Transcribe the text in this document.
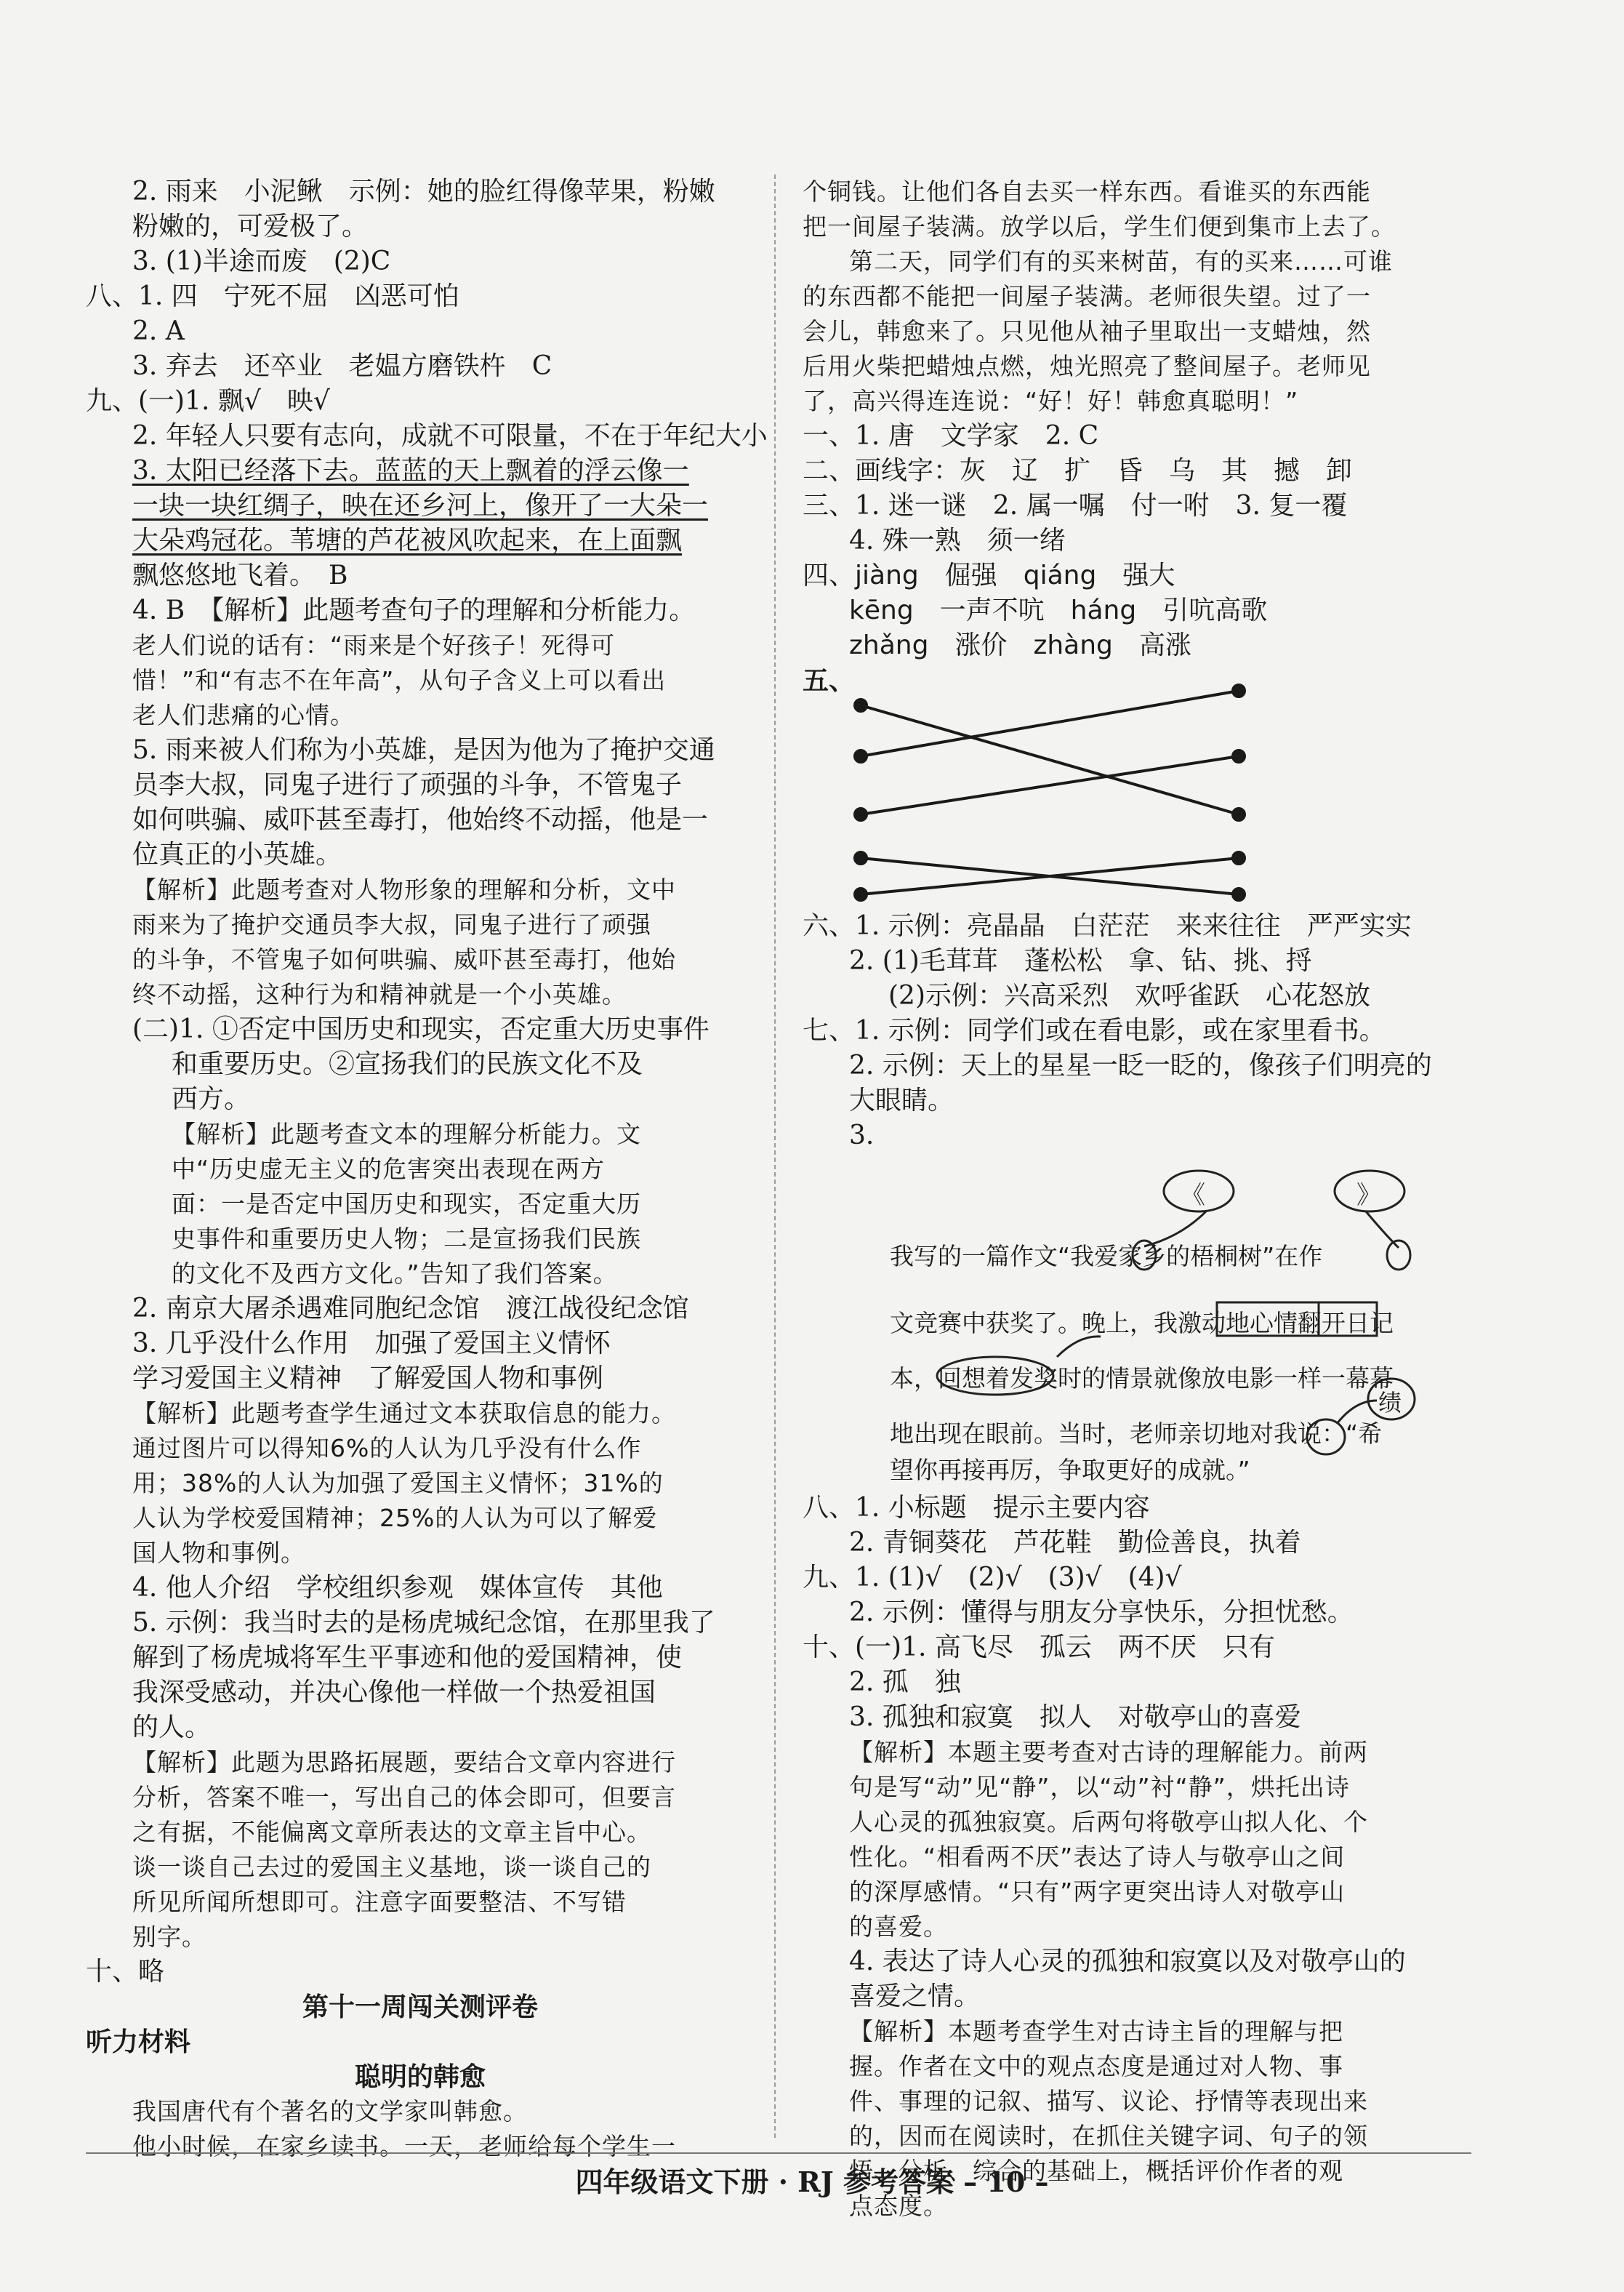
2. 雨来　小泥鳅　示例：她的脸红得像苹果，粉嫩
粉嫩的，可爱极了。
3. (1)半途而废　(2)C
八、1. 四　宁死不屈　凶恶可怕
2. A
3. 弃去　还卒业　老媪方磨铁杵　C
九、(一)1. 飘√　映√
2. 年轻人只要有志向，成就不可限量，不在于年纪大小
3. 太阳已经落下去。蓝蓝的天上飘着的浮云像一
一块一块红绸子，映在还乡河上，像开了一大朵一
大朵鸡冠花。苇塘的芦花被风吹起来，在上面飘
飘悠悠地飞着。　B
4. B　【解析】此题考查句子的理解和分析能力。
老人们说的话有：“雨来是个好孩子！死得可
惜！”和“有志不在年高”，从句子含义上可以看出
老人们悲痛的心情。
5. 雨来被人们称为小英雄，是因为他为了掩护交通
员李大叔，同鬼子进行了顽强的斗争，不管鬼子
如何哄骗、威吓甚至毒打，他始终不动摇，他是一
位真正的小英雄。
【解析】此题考查对人物形象的理解和分析，文中
雨来为了掩护交通员李大叔，同鬼子进行了顽强
的斗争，不管鬼子如何哄骗、威吓甚至毒打，他始
终不动摇，这种行为和精神就是一个小英雄。
(二)1. ①否定中国历史和现实，否定重大历史事件
和重要历史。②宣扬我们的民族文化不及
西方。
【解析】此题考查文本的理解分析能力。文
中“历史虚无主义的危害突出表现在两方
面：一是否定中国历史和现实，否定重大历
史事件和重要历史人物；二是宣扬我们民族
的文化不及西方文化。”告知了我们答案。
2. 南京大屠杀遇难同胞纪念馆　渡江战役纪念馆
3. 几乎没什么作用　加强了爱国主义情怀
学习爱国主义精神　了解爱国人物和事例
【解析】此题考查学生通过文本获取信息的能力。
通过图片可以得知6%的人认为几乎没有什么作
用；38%的人认为加强了爱国主义情怀；31%的
人认为学校爱国精神；25%的人认为可以了解爱
国人物和事例。
4. 他人介绍　学校组织参观　媒体宣传　其他
5. 示例：我当时去的是杨虎城纪念馆，在那里我了
解到了杨虎城将军生平事迹和他的爱国精神，使
我深受感动，并决心像他一样做一个热爱祖国
的人。
【解析】此题为思路拓展题，要结合文章内容进行
分析，答案不唯一，写出自己的体会即可，但要言
之有据，不能偏离文章所表达的文章主旨中心。
谈一谈自己去过的爱国主义基地，谈一谈自己的
所见所闻所想即可。注意字面要整洁、不写错
别字。
十、略
第十一周闯关测评卷
听力材料
聪明的韩愈
我国唐代有个著名的文学家叫韩愈。
他小时候，在家乡读书。一天，老师给每个学生一
个铜钱。让他们各自去买一样东西。看谁买的东西能
把一间屋子装满。放学以后，学生们便到集市上去了。
第二天，同学们有的买来树苗，有的买来……可谁
的东西都不能把一间屋子装满。老师很失望。过了一
会儿，韩愈来了。只见他从袖子里取出一支蜡烛，然
后用火柴把蜡烛点燃，烛光照亮了整间屋子。老师见
了，高兴得连连说：“好！好！韩愈真聪明！”
一、1. 唐　文学家　2. C
二、画线字：灰　辽　扩　昏　乌　其　撼　卸
三、1. 迷一谜　2. 属一嘱　付一咐　3. 复一覆
4. 殊一熟　须一绪
四、jiàng　倔强　qiáng　强大
kēng　一声不吭　háng　引吭高歌
zhǎng　涨价　zhàng　高涨
五、
六、1. 示例：亮晶晶　白茫茫　来来往往　严严实实
2. (1)毛茸茸　蓬松松　拿、钻、挑、捋
(2)示例：兴高采烈　欢呼雀跃　心花怒放
七、1. 示例：同学们或在看电影，或在家里看书。
2. 示例：天上的星星一眨一眨的，像孩子们明亮的
大眼睛。
3.
《	》
我写的一篇作文“我爱家乡的梧桐树”在作
文竞赛中获奖了。晚上，我激动地心情翻开日记
本，回想着发奖时的情景就像放电影一样一幕幕
地出现在眼前。当时，老师亲切地对我说：“希
望你再接再厉，争取更好的成就。”
绩
八、1. 小标题　提示主要内容
2. 青铜葵花　芦花鞋　勤俭善良，执着
九、1. (1)√　(2)√　(3)√　(4)√
2. 示例：懂得与朋友分享快乐，分担忧愁。
十、(一)1. 高飞尽　孤云　两不厌　只有
2. 孤　独
3. 孤独和寂寞　拟人　对敬亭山的喜爱
【解析】本题主要考查对古诗的理解能力。前两
句是写“动”见“静”，以“动”衬“静”，烘托出诗
人心灵的孤独寂寞。后两句将敬亭山拟人化、个
性化。“相看两不厌”表达了诗人与敬亭山之间
的深厚感情。“只有”两字更突出诗人对敬亭山
的喜爱。
4. 表达了诗人心灵的孤独和寂寞以及对敬亭山的
喜爱之情。
【解析】本题考查学生对古诗主旨的理解与把
握。作者在文中的观点态度是通过对人物、事
件、事理的记叙、描写、议论、抒情等表现出来
的，因而在阅读时，在抓住关键字词、句子的领
悟、分析、综合的基础上，概括评价作者的观
点态度。
四年级语文下册 · RJ 参考答案 – 10 –
